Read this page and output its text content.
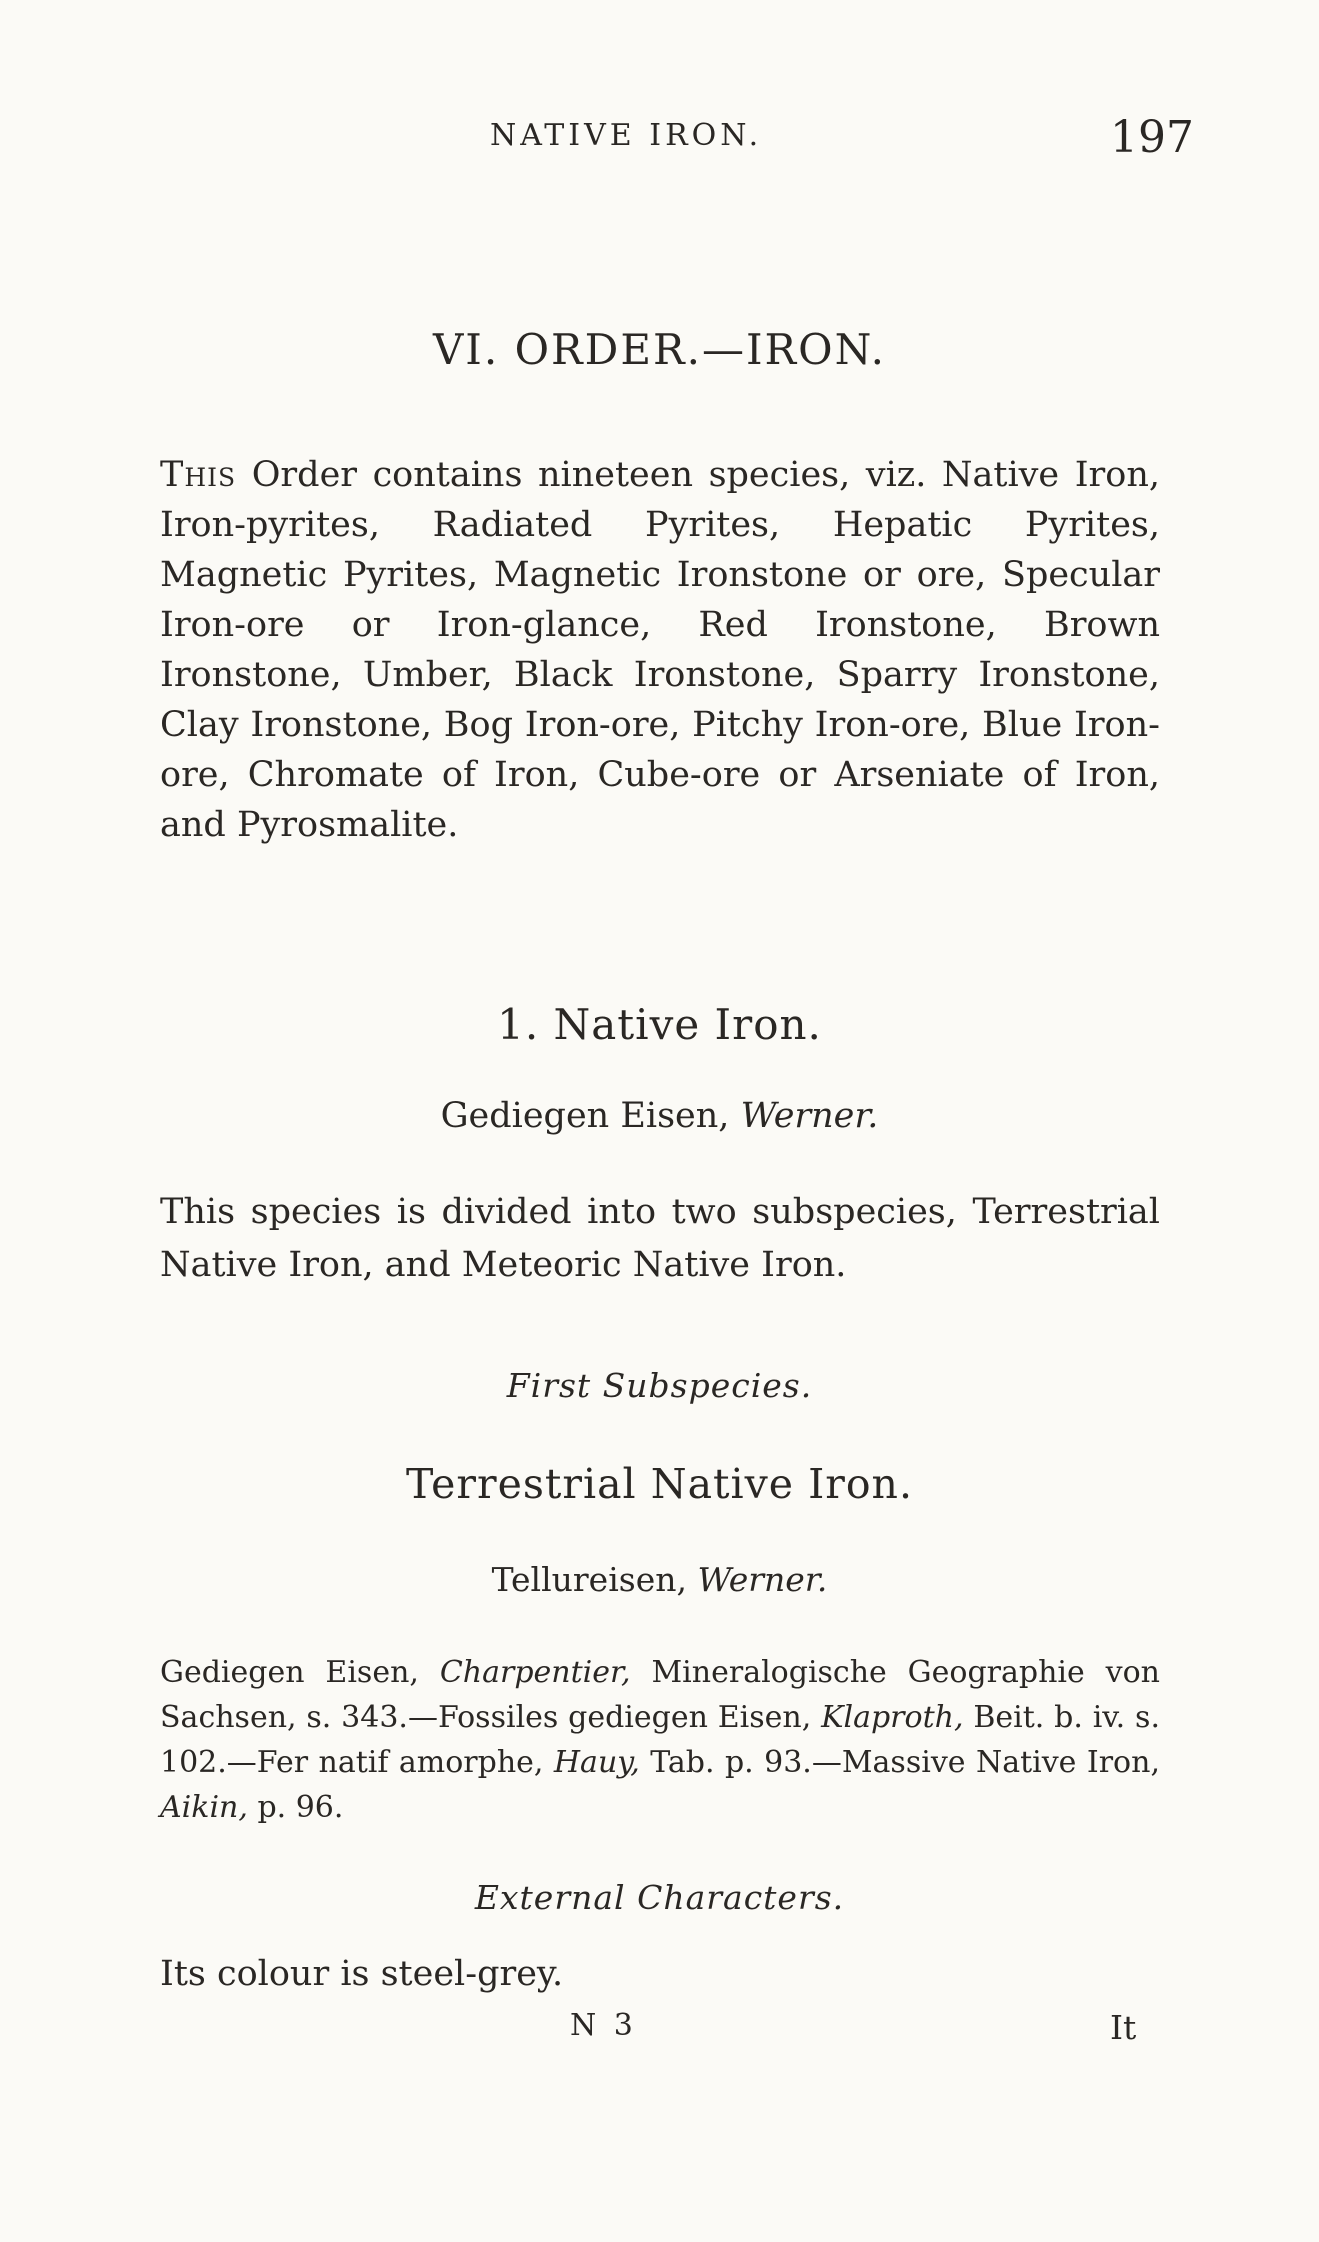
NATIVE IRON.	197
VI. ORDER.—IRON.

This Order contains nineteen species, viz. Native Iron, Iron-pyrites, Radiated Pyrites, Hepatic Pyrites, Magnetic Pyrites, Magnetic Ironstone or ore, Specular Iron-ore or Iron-glance, Red Ironstone, Brown Ironstone, Umber, Black Ironstone, Sparry Ironstone, Clay Ironstone, Bog Iron-ore, Pitchy Iron-ore, Blue Iron-ore, Chromate of Iron, Cube-ore or Arseniate of Iron, and Pyrosmalite.

1. Native Iron.
Gediegen Eisen, Werner.

This species is divided into two subspecies, Terrestrial Native Iron, and Meteoric Native Iron.

First Subspecies.
Terrestrial Native Iron.
Tellureisen, Werner.

Gediegen Eisen, Charpentier, Mineralogische Geographie von Sachsen, s. 343.—Fossiles gediegen Eisen, Klaproth, Beit. b. iv. s. 102.—Fer natif amorphe, Hauy, Tab. p. 93.—Massive Native Iron, Aikin, p. 96.

External Characters.
Its colour is steel-grey.
N 3	It
